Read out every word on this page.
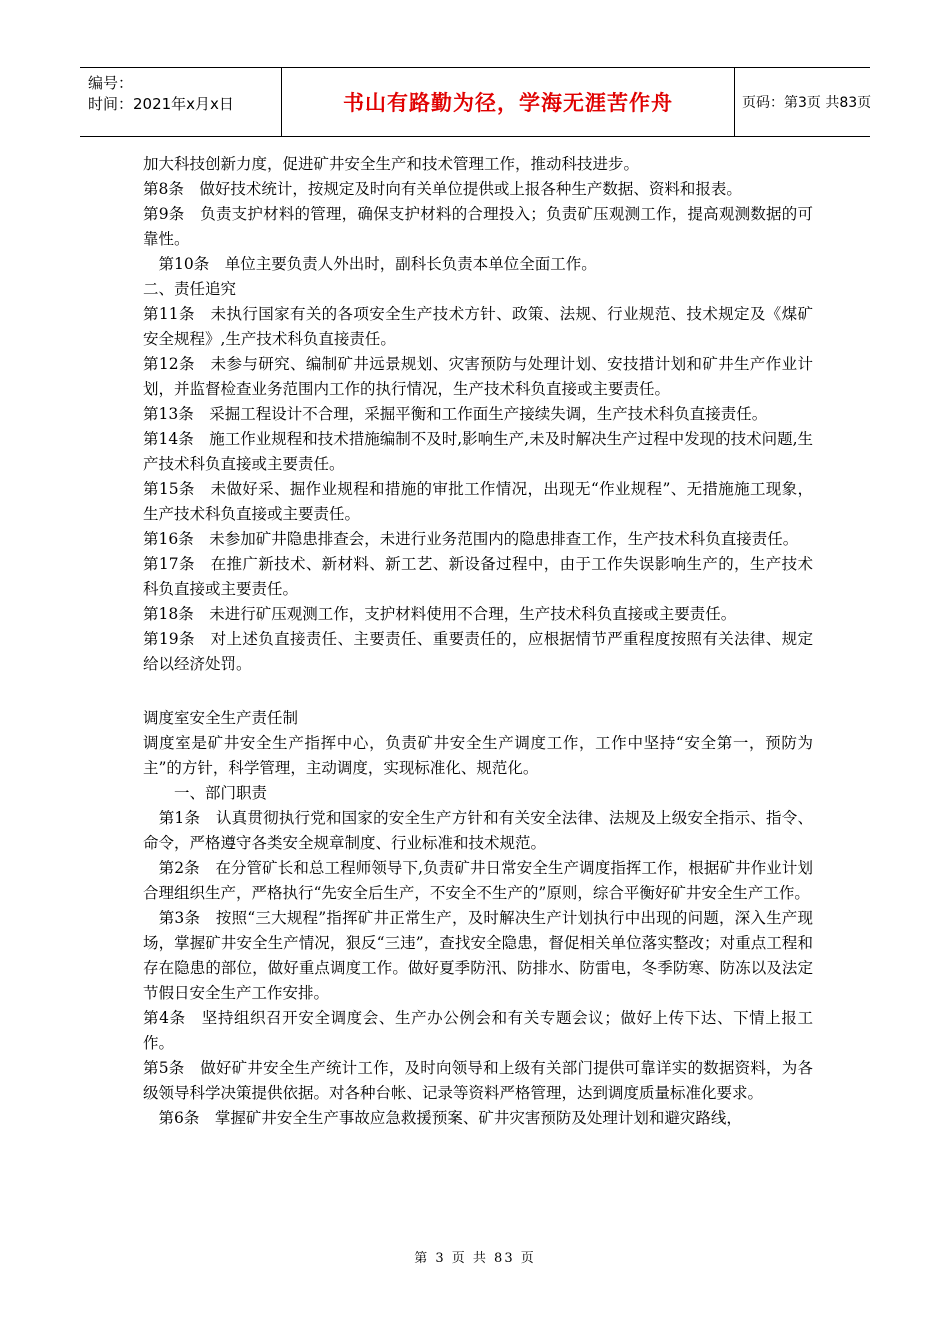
编号：
时间：2021年x月x日	书山有路勤为径，学海无涯苦作舟	页码：第3页 共83页

加大科技创新力度，促进矿井安全生产和技术管理工作，推动科技进步。

第8条　做好技术统计，按规定及时向有关单位提供或上报各种生产数据、资料和报表。

第9条　负责支护材料的管理，确保支护材料的合理投入；负责矿压观测工作，提高观测数据的可靠性。

　第10条　单位主要负责人外出时，副科长负责本单位全面工作。

二、责任追究

第11条　未执行国家有关的各项安全生产技术方针、政策、法规、行业规范、技术规定及《煤矿安全规程》,生产技术科负直接责任。

第12条　未参与研究、编制矿井远景规划、灾害预防与处理计划、安技措计划和矿井生产作业计划，并监督检查业务范围内工作的执行情况，生产技术科负直接或主要责任。

第13条　采掘工程设计不合理，采掘平衡和工作面生产接续失调，生产技术科负直接责任。

第14条　施工作业规程和技术措施编制不及时,影响生产,未及时解决生产过程中发现的技术问题,生产技术科负直接或主要责任。

第15条　未做好采、掘作业规程和措施的审批工作情况，出现无“作业规程”、无措施施工现象，生产技术科负直接或主要责任。

第16条　未参加矿井隐患排查会，未进行业务范围内的隐患排查工作，生产技术科负直接责任。

第17条　在推广新技术、新材料、新工艺、新设备过程中，由于工作失误影响生产的，生产技术科负直接或主要责任。

第18条　未进行矿压观测工作，支护材料使用不合理，生产技术科负直接或主要责任。

第19条　对上述负直接责任、主要责任、重要责任的，应根据情节严重程度按照有关法律、规定给以经济处罚。

调度室安全生产责任制

调度室是矿井安全生产指挥中心，负责矿井安全生产调度工作，工作中坚持“安全第一，预防为主”的方针，科学管理，主动调度，实现标准化、规范化。

　　一、部门职责

　第1条　认真贯彻执行党和国家的安全生产方针和有关安全法律、法规及上级安全指示、指令、命令，严格遵守各类安全规章制度、行业标准和技术规范。

　第2条　在分管矿长和总工程师领导下,负责矿井日常安全生产调度指挥工作，根据矿井作业计划合理组织生产，严格执行“先安全后生产，不安全不生产的”原则，综合平衡好矿井安全生产工作。

　第3条　按照“三大规程”指挥矿井正常生产，及时解决生产计划执行中出现的问题，深入生产现场，掌握矿井安全生产情况，狠反“三违”，查找安全隐患，督促相关单位落实整改；对重点工程和存在隐患的部位，做好重点调度工作。做好夏季防汛、防排水、防雷电，冬季防寒、防冻以及法定节假日安全生产工作安排。

第4条　坚持组织召开安全调度会、生产办公例会和有关专题会议；做好上传下达、下情上报工作。

第5条　做好矿井安全生产统计工作，及时向领导和上级有关部门提供可靠详实的数据资料，为各级领导科学决策提供依据。对各种台帐、记录等资料严格管理，达到调度质量标准化要求。

　第6条　掌握矿井安全生产事故应急救援预案、矿井灾害预防及处理计划和避灾路线，

第 3 页 共 83 页
